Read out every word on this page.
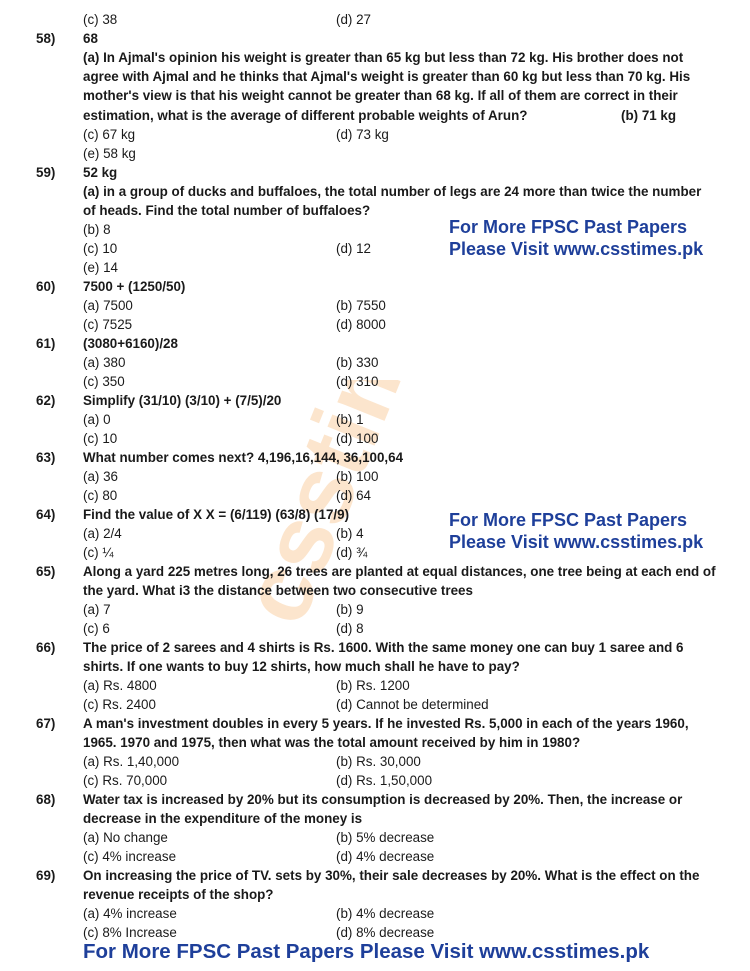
csstimes
(c) 38	(d) 27
58) 68
(a) In Ajmal's opinion his weight is greater than 65 kg but less than 72 kg. His brother does not
agree with Ajmal and he thinks that Ajmal's weight is greater than 60 kg but less than 70 kg. His
mother's view is that his weight cannot be greater than 68 kg. If all of them are correct in their
estimation, what is the average of different probable weights of Arun?	(b) 71 kg
(c) 67 kg	(d) 73 kg
(e) 58 kg
59) 52 kg
(a) in a group of ducks and buffaloes, the total number of legs are 24 more than twice the number
of heads. Find the total number of buffaloes?
(b) 8
(c) 10	(d) 12
(e) 14
For More FPSC Past Papers
Please Visit www.csstimes.pk
60) 7500 + (1250/50)
(a) 7500	(b) 7550
(c) 7525	(d) 8000
61) (3080+6160)/28
(a) 380	(b) 330
(c) 350	(d) 310
62) Simplify (31/10) (3/10) + (7/5)/20
(a) 0	(b) 1
(c) 10	(d) 100
63) What number comes next? 4,196,16,144, 36,100,64
(a) 36	(b) 100
(c) 80	(d) 64
64) Find the value of X X = (6/119) (63/8) (17/9)
(a) 2/4	(b) 4
(c) ¼	(d) ¾
For More FPSC Past Papers
Please Visit www.csstimes.pk
65) Along a yard 225 metres long, 26 trees are planted at equal distances, one tree being at each end of
the yard. What i3 the distance between two consecutive trees
(a) 7	(b) 9
(c) 6	(d) 8
66) The price of 2 sarees and 4 shirts is Rs. 1600. With the same money one can buy 1 saree and 6
shirts. If one wants to buy 12 shirts, how much shall he have to pay?
(a) Rs. 4800	(b) Rs. 1200
(c) Rs. 2400	(d) Cannot be determined
67) A man's investment doubles in every 5 years. If he invested Rs. 5,000 in each of the years 1960,
1965. 1970 and 1975, then what was the total amount received by him in 1980?
(a) Rs. 1,40,000	(b) Rs. 30,000
(c) Rs. 70,000	(d) Rs. 1,50,000
68) Water tax is increased by 20% but its consumption is decreased by 20%. Then, the increase or
decrease in the expenditure of the money is
(a) No change	(b) 5% decrease
(c) 4% increase	(d) 4% decrease
69) On increasing the price of TV. sets by 30%, their sale decreases by 20%. What is the effect on the
revenue receipts of the shop?
(a) 4% increase	(b) 4% decrease
(c) 8% Increase	(d) 8% decrease
For More FPSC Past Papers Please Visit www.csstimes.pk
